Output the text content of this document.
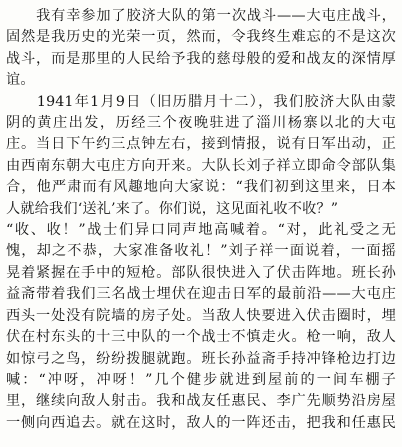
　　我有幸参加了胶济大队的第一次战斗——大屯庄战斗，
固然是我历史的光荣一页，然而，令我终生难忘的不是这次
战斗，而是那里的人民给予我的慈母般的爱和战友的深情厚
谊。
　　1941年1月9日（旧历腊月十二），我们胶济大队由蒙
阴的黄庄出发，历经三个夜晚驻进了淄川杨寨以北的大屯
庄。当日下午约三点钟左右，接到情报，说有日军出动，正
由西南东朝大屯庄方向开来。大队长刘子祥立即命令部队集
合，他严肃而有风趣地向大家说：“我们初到这里来，日本
人就给我们‘送礼’来了。你们说，这见面礼收不收？”
“收、收！”战士们异口同声地高喊着。“对，此礼受之无
愧，却之不恭，大家准备收礼！”刘子祥一面说着，一面摇
晃着紧握在手中的短枪。部队很快进入了伏击阵地。班长孙
益斋带着我们三名战士埋伏在迎击日军的最前沿——大屯庄
西头一处没有院墙的房子处。当敌人快要进入伏击圈时，埋
伏在村东头的十三中队的一个战士不慎走火。枪一响，敌人
如惊弓之鸟，纷纷拨腿就跑。班长孙益斋手持冲锋枪边打边
喊：“冲呀，冲呀！”几个健步就进到屋前的一间车棚子
里，继续向敌人射击。我和战友任惠民、李广先顺势沿房屋
一侧向西追去。就在这时，敌人的一阵还击，把我和任惠民
